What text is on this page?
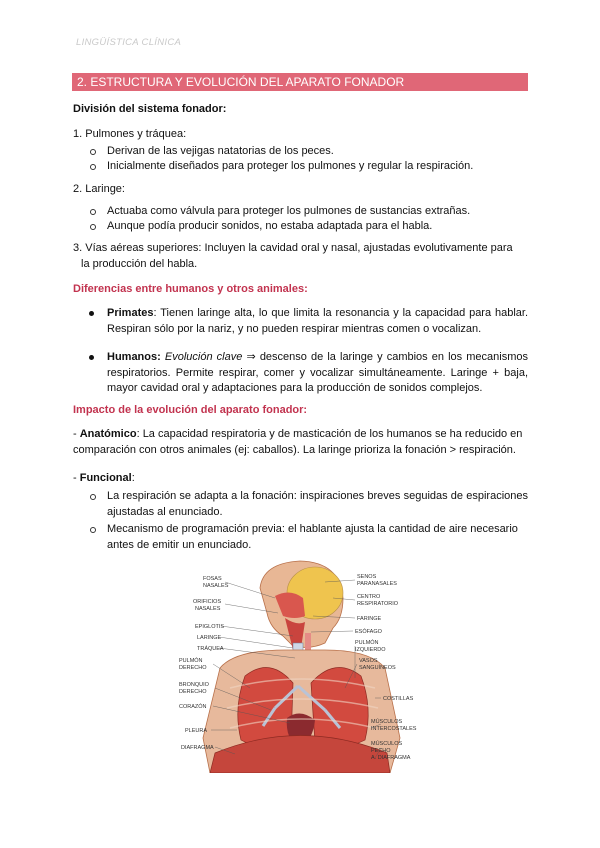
LINGÜÍSTICA CLÍNICA
2. ESTRUCTURA Y EVOLUCIÓN DEL APARATO FONADOR
División del sistema fonador:
1. Pulmones y tráquea:
Derivan de las vejigas natatorias de los peces.
Inicialmente diseñados para proteger los pulmones y regular la respiración.
2. Laringe:
Actuaba como válvula para proteger los pulmones de sustancias extrañas.
Aunque podía producir sonidos, no estaba adaptada para el habla.
3. Vías aéreas superiores: Incluyen la cavidad oral y nasal, ajustadas evolutivamente para
la producción del habla.
Diferencias entre humanos y otros animales:
Primates: Tienen laringe alta, lo que limita la resonancia y la capacidad para hablar. Respiran sólo por la nariz, y no pueden respirar mientras comen o vocalizan.
Humanos: Evolución clave ⇒ descenso de la laringe y cambios en los mecanismos respiratorios. Permite respirar, comer y vocalizar simultáneamente. Laringe + baja, mayor cavidad oral y adaptaciones para la producción de sonidos complejos.
Impacto de la evolución del aparato fonador:
- Anatómico: La capacidad respiratoria y de masticación de los humanos se ha reducido en comparación con otros animales (ej: caballos). La laringe prioriza la fonación > respiración.
- Funcional:
La respiración se adapta a la fonación: inspiraciones breves seguidas de espiraciones ajustadas al enunciado.
Mecanismo de programación previa: el hablante ajusta la cantidad de aire necesario antes de emitir un enunciado.
FOSAS
NASALES
ORIFICIOS
NASALES
EPIGLOTIS
LARINGE
TRÁQUEA
PULMÓN
DERECHO
BRONQUIO
DERECHO
CORAZÓN
PLEURA
DIAFRAGMA
SENOS
PARANASALES
CENTRO
RESPIRATORIO
FARINGE
ESÓFAGO
PULMÓN
IZQUIERDO
VASOS
SANGUÍNEOS
COSTILLAS
MÚSCULOS
INTERCOSTALES
MÚSCULOS
PECHO
A. DIAFRAGMA
